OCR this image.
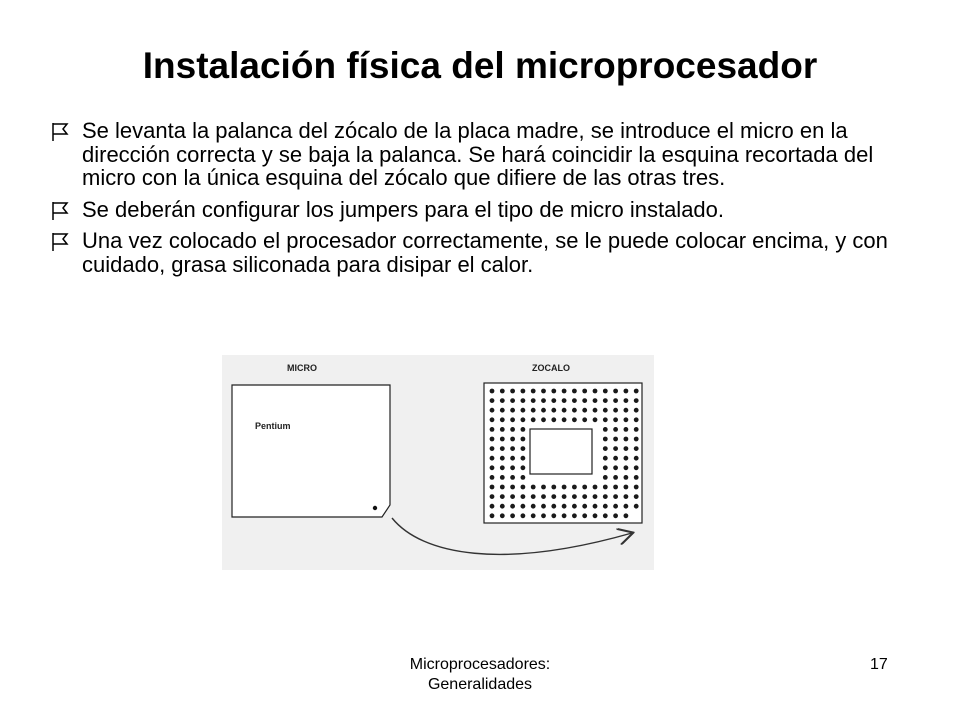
Instalación física del microprocesador
Se levanta la palanca del zócalo de la placa madre, se introduce el micro en la dirección correcta y se baja la palanca. Se hará coincidir la esquina recortada del micro con la única esquina del zócalo que difiere de las otras tres.
Se deberán configurar los jumpers para el tipo de micro instalado.
Una vez colocado el procesador correctamente, se le puede colocar encima, y con cuidado, grasa siliconada para disipar el calor.
MICRO
Pentium
ZOCALO
Microprocesadores: Generalidades
17
